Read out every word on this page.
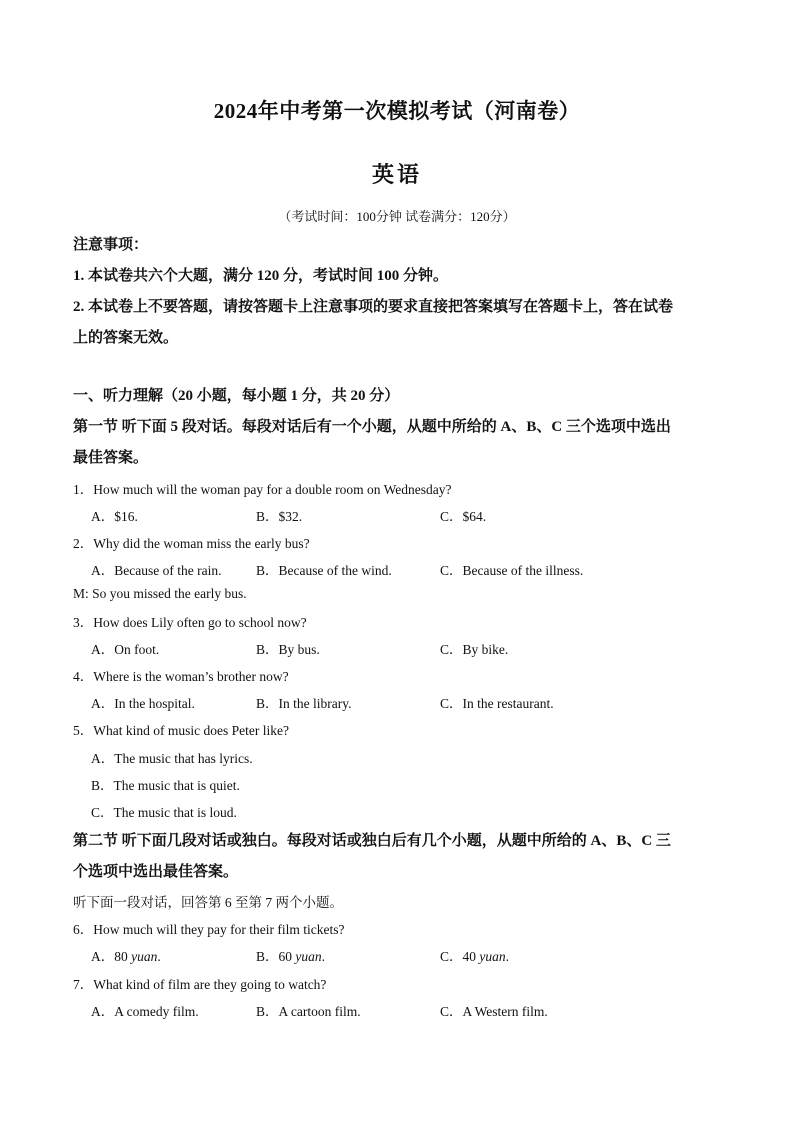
2024年中考第一次模拟考试（河南卷）
英语
（考试时间：100分钟 试卷满分：120分）
注意事项：
1. 本试卷共六个大题，满分 120 分，考试时间 100 分钟。
2. 本试卷上不要答题，请按答题卡上注意事项的要求直接把答案填写在答题卡上，答在试卷
上的答案无效。
一、听力理解（20 小题，每小题 1 分，共 20 分）
第一节 听下面 5 段对话。每段对话后有一个小题，从题中所给的 A、B、C 三个选项中选出
最佳答案。
1．How much will the woman pay for a double room on Wednesday?
A．$16.	B．$32.	C．$64.
2．Why did the woman miss the early bus?
A．Because of the rain.	B．Because of the wind.	C．Because of the illness.
M: So you missed the early bus.
3．How does Lily often go to school now?
A．On foot.	B．By bus.	C．By bike.
4．Where is the woman’s brother now?
A．In the hospital.	B．In the library.	C．In the restaurant.
5．What kind of music does Peter like?
A．The music that has lyrics.
B．The music that is quiet.
C．The music that is loud.
第二节 听下面几段对话或独白。每段对话或独白后有几个小题，从题中所给的 A、B、C 三
个选项中选出最佳答案。
听下面一段对话，回答第 6 至第 7 两个小题。
6．How much will they pay for their film tickets?
A．80 yuan.	B．60 yuan.	C．40 yuan.
7．What kind of film are they going to watch?
A．A comedy film.	B．A cartoon film.	C．A Western film.
